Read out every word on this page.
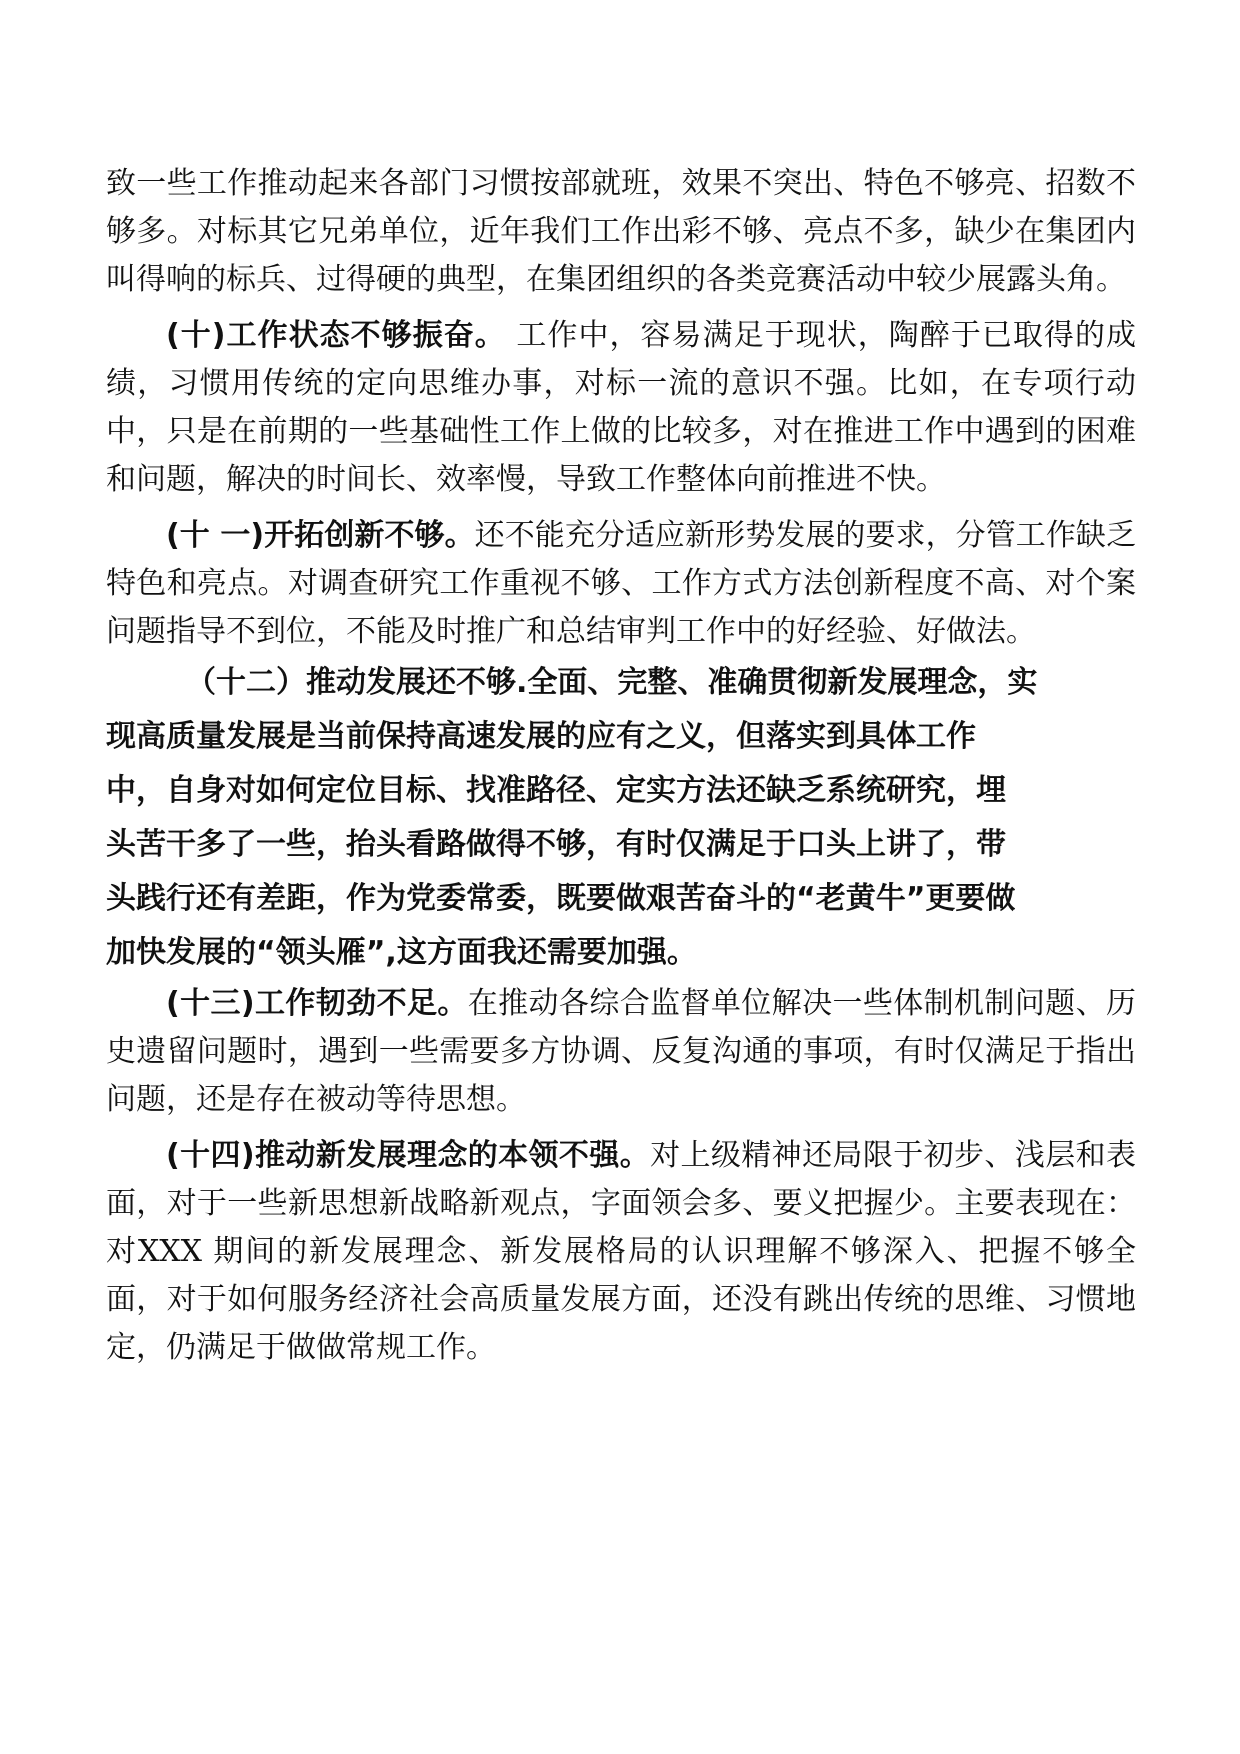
致一些工作推动起来各部门习惯按部就班，效果不突出、特色不够亮、招数不够多。对标其它兄弟单位，近年我们工作出彩不够、亮点不多，缺少在集团内叫得响的标兵、过得硬的典型，在集团组织的各类竞赛活动中较少展露头角。

(十)工作状态不够振奋。 工作中，容易满足于现状，陶醉于已取得的成绩，习惯用传统的定向思维办事，对标一流的意识不强。比如，在专项行动中，只是在前期的一些基础性工作上做的比较多，对在推进工作中遇到的困难和问题，解决的时间长、效率慢，导致工作整体向前推进不快。

(十 一)开拓创新不够。还不能充分适应新形势发展的要求，分管工作缺乏特色和亮点。对调查研究工作重视不够、工作方式方法创新程度不高、对个案问题指导不到位，不能及时推广和总结审判工作中的好经验、好做法。

（十二）推动发展还不够.全面、完整、准确贯彻新发展理念，实
现高质量发展是当前保持高速发展的应有之义，但落实到具体工作
中，自身对如何定位目标、找准路径、定实方法还缺乏系统研究，埋
头苦干多了一些，抬头看路做得不够，有时仅满足于口头上讲了，带
头践行还有差距，作为党委常委，既要做艰苦奋斗的“老黄牛”更要做
加快发展的“领头雁”,这方面我还需要加强。

(十三)工作韧劲不足。在推动各综合监督单位解决一些体制机制问题、历史遗留问题时，遇到一些需要多方协调、反复沟通的事项，有时仅满足于指出问题，还是存在被动等待思想。

(十四)推动新发展理念的本领不强。对上级精神还局限于初步、浅层和表面，对于一些新思想新战略新观点，字面领会多、要义把握少。主要表现在：对XXX 期间的新发展理念、新发展格局的认识理解不够深入、把握不够全面，对于如何服务经济社会高质量发展方面，还没有跳出传统的思维、习惯地定，仍满足于做做常规工作。
